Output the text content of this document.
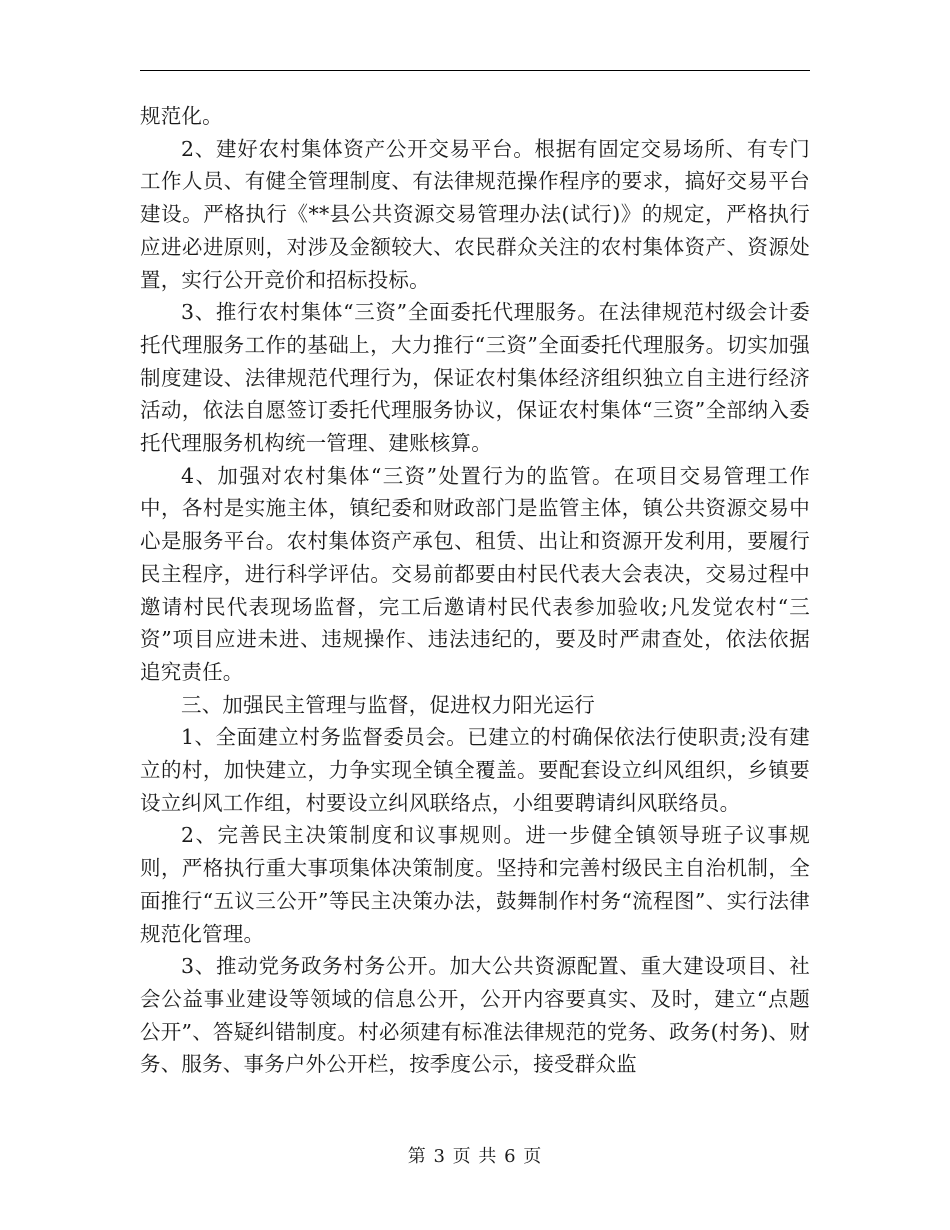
规范化。

2、建好农村集体资产公开交易平台。根据有固定交易场所、有专门工作人员、有健全管理制度、有法律规范操作程序的要求，搞好交易平台建设。严格执行《**县公共资源交易管理办法(试行)》的规定，严格执行应进必进原则，对涉及金额较大、农民群众关注的农村集体资产、资源处置，实行公开竞价和招标投标。

3、推行农村集体“三资”全面委托代理服务。在法律规范村级会计委托代理服务工作的基础上，大力推行“三资”全面委托代理服务。切实加强制度建设、法律规范代理行为，保证农村集体经济组织独立自主进行经济活动，依法自愿签订委托代理服务协议，保证农村集体“三资”全部纳入委托代理服务机构统一管理、建账核算。

4、加强对农村集体“三资”处置行为的监管。在项目交易管理工作中，各村是实施主体，镇纪委和财政部门是监管主体，镇公共资源交易中心是服务平台。农村集体资产承包、租赁、出让和资源开发利用，要履行民主程序，进行科学评估。交易前都要由村民代表大会表决，交易过程中邀请村民代表现场监督，完工后邀请村民代表参加验收;凡发觉农村“三资”项目应进未进、违规操作、违法违纪的，要及时严肃查处，依法依据追究责任。

三、加强民主管理与监督，促进权力阳光运行

1、全面建立村务监督委员会。已建立的村确保依法行使职责;没有建立的村，加快建立，力争实现全镇全覆盖。要配套设立纠风组织，乡镇要设立纠风工作组，村要设立纠风联络点，小组要聘请纠风联络员。

2、完善民主决策制度和议事规则。进一步健全镇领导班子议事规则，严格执行重大事项集体决策制度。坚持和完善村级民主自治机制，全面推行“五议三公开”等民主决策办法，鼓舞制作村务“流程图”、实行法律规范化管理。

3、推动党务政务村务公开。加大公共资源配置、重大建设项目、社会公益事业建设等领域的信息公开，公开内容要真实、及时，建立“点题公开”、答疑纠错制度。村必须建有标准法律规范的党务、政务(村务)、财务、服务、事务户外公开栏，按季度公示，接受群众监

第 3 页 共 6 页
